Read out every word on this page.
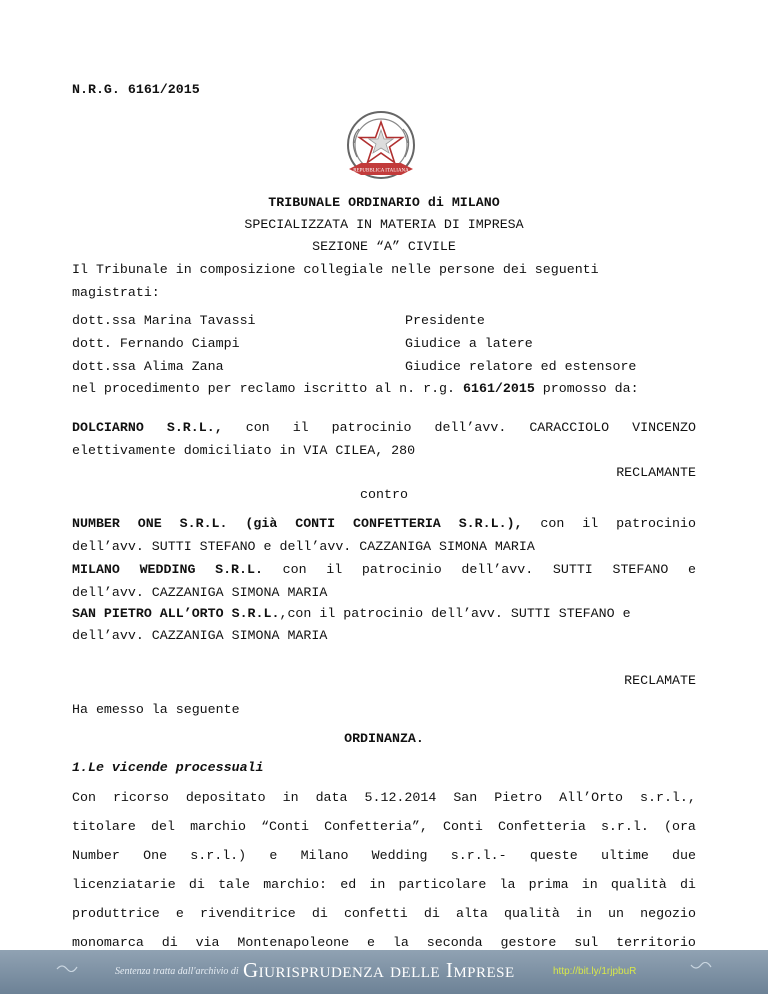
N.R.G. 6161/2015
REPUBBLICA ITALIANA
TRIBUNALE ORDINARIO di MILANO
SPECIALIZZATA IN MATERIA DI IMPRESA
SEZIONE “A” CIVILE
Il Tribunale in composizione collegiale nelle persone dei seguenti
magistrati:
dott.ssa Marina Tavassi	Presidente
dott. Fernando Ciampi	Giudice a latere
dott.ssa Alima Zana	Giudice relatore ed estensore
nel procedimento per reclamo iscritto al n. r.g. 6161/2015 promosso da:
DOLCIARNO S.R.L., con il patrocinio dell’avv. CARACCIOLO VINCENZO
elettivamente domiciliato in VIA CILEA, 280
RECLAMANTE
contro
NUMBER ONE S.R.L. (già CONTI CONFETTERIA S.R.L.), con il patrocinio
dell’avv. SUTTI STEFANO e dell’avv. CAZZANIGA SIMONA MARIA
MILANO WEDDING S.R.L. con il patrocinio dell’avv. SUTTI STEFANO e
dell’avv. CAZZANIGA SIMONA MARIA
SAN PIETRO ALL’ORTO S.R.L.,con il patrocinio dell’avv. SUTTI STEFANO e
dell’avv. CAZZANIGA SIMONA MARIA
RECLAMATE
Ha emesso la seguente
ORDINANZA.
1.Le vicende processuali
Con ricorso depositato in data 5.12.2014 San Pietro All’Orto s.r.l.,
titolare del marchio “Conti Confetteria”, Conti Confetteria s.r.l. (ora
Number One s.r.l.) e Milano Wedding s.r.l.- queste ultime due
licenziatarie di tale marchio: ed in particolare la prima in qualità di
produttrice e rivenditrice di confetti di alta qualità in un negozio
monomarca di via Montenapoleone e la seconda gestore sul territorio
Sentenza tratta dall'archivio di Giurisprudenza delle Imprese	http://bit.ly/1rjpbuR
